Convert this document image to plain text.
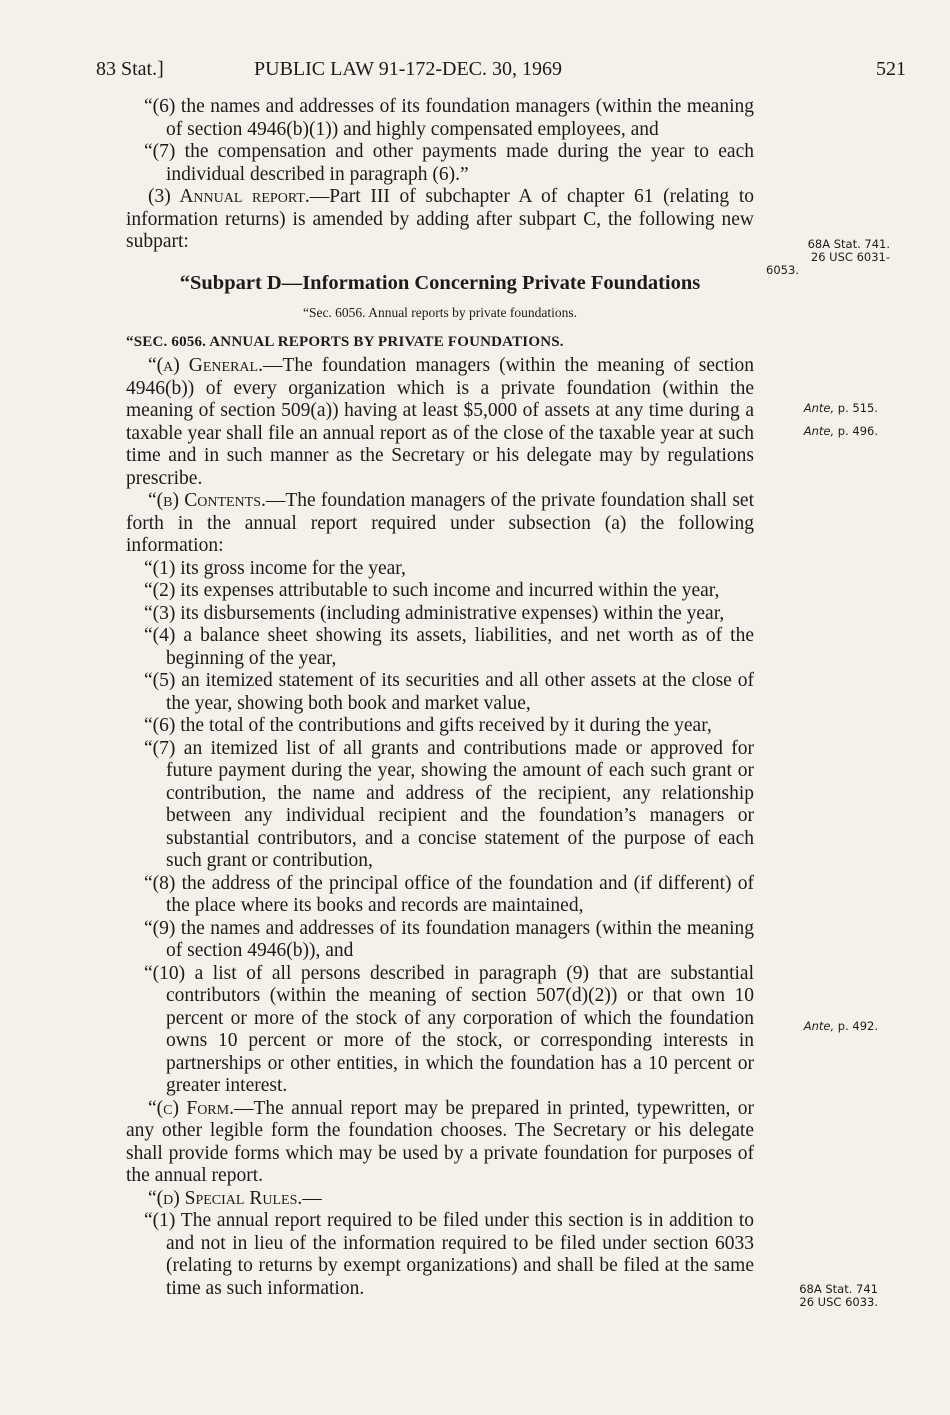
83 Stat.]	PUBLIC LAW 91-172-DEC. 30, 1969	521

“(6) the names and addresses of its foundation managers (within the meaning of section 4946(b)(1)) and highly compensated employees, and

“(7) the compensation and other payments made during the year to each individual described in paragraph (6).”

(3) Annual report.—Part III of subchapter A of chapter 61 (relating to information returns) is amended by adding after subpart C, the following new subpart:

“Subpart D—Information Concerning Private Foundations

“Sec. 6056. Annual reports by private foundations.

“SEC. 6056. ANNUAL REPORTS BY PRIVATE FOUNDATIONS.

“(a) General.—The foundation managers (within the meaning of section 4946(b)) of every organization which is a private foundation (within the meaning of section 509(a)) having at least $5,000 of assets at any time during a taxable year shall file an annual report as of the close of the taxable year at such time and in such manner as the Secretary or his delegate may by regulations prescribe.

“(b) Contents.—The foundation managers of the private foundation shall set forth in the annual report required under subsection (a) the following information:

“(1) its gross income for the year,

“(2) its expenses attributable to such income and incurred within the year,

“(3) its disbursements (including administrative expenses) within the year,

“(4) a balance sheet showing its assets, liabilities, and net worth as of the beginning of the year,

“(5) an itemized statement of its securities and all other assets at the close of the year, showing both book and market value,

“(6) the total of the contributions and gifts received by it during the year,

“(7) an itemized list of all grants and contributions made or approved for future payment during the year, showing the amount of each such grant or contribution, the name and address of the recipient, any relationship between any individual recipient and the foundation’s managers or substantial contributors, and a concise statement of the purpose of each such grant or contribution,

“(8) the address of the principal office of the foundation and (if different) of the place where its books and records are maintained,

“(9) the names and addresses of its foundation managers (within the meaning of section 4946(b)), and

“(10) a list of all persons described in paragraph (9) that are substantial contributors (within the meaning of section 507(d)(2)) or that own 10 percent or more of the stock of any corporation of which the foundation owns 10 percent or more of the stock, or corresponding interests in partnerships or other entities, in which the foundation has a 10 percent or greater interest.

“(c) Form.—The annual report may be prepared in printed, typewritten, or any other legible form the foundation chooses. The Secretary or his delegate shall provide forms which may be used by a private foundation for purposes of the annual report.

“(d) Special Rules.—

“(1) The annual report required to be filed under this section is in addition to and not in lieu of the information required to be filed under section 6033 (relating to returns by exempt organizations) and shall be filed at the same time as such information.

68A Stat. 741.
26 USC 6031-
6053.
Ante, p. 515.
Ante, p. 496.
Ante, p. 492.
68A Stat. 741
26 USC 6033.
